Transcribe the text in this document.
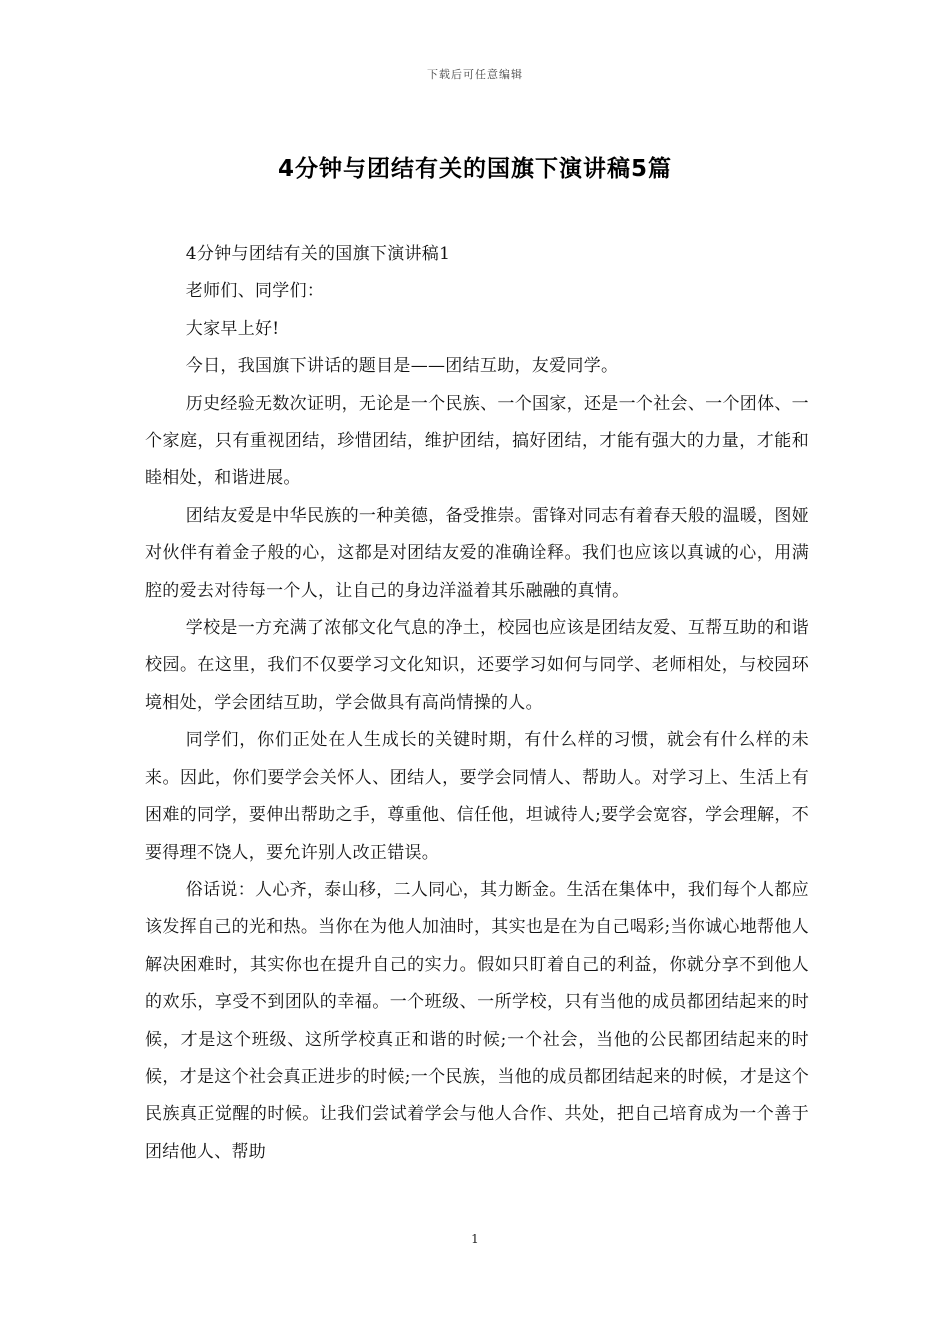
下载后可任意编辑
4分钟与团结有关的国旗下演讲稿5篇

4分钟与团结有关的国旗下演讲稿1

老师们、同学们：

大家早上好!

今日，我国旗下讲话的题目是——团结互助，友爱同学。

历史经验无数次证明，无论是一个民族、一个国家，还是一个社会、一个团体、一个家庭，只有重视团结，珍惜团结，维护团结，搞好团结，才能有强大的力量，才能和睦相处，和谐进展。

团结友爱是中华民族的一种美德，备受推崇。雷锋对同志有着春天般的温暖，图娅对伙伴有着金子般的心，这都是对团结友爱的准确诠释。我们也应该以真诚的心，用满腔的爱去对待每一个人，让自己的身边洋溢着其乐融融的真情。

学校是一方充满了浓郁文化气息的净土，校园也应该是团结友爱、互帮互助的和谐校园。在这里，我们不仅要学习文化知识，还要学习如何与同学、老师相处，与校园环境相处，学会团结互助，学会做具有高尚情操的人。

同学们，你们正处在人生成长的关键时期，有什么样的习惯，就会有什么样的未来。因此，你们要学会关怀人、团结人，要学会同情人、帮助人。对学习上、生活上有困难的同学，要伸出帮助之手，尊重他、信任他，坦诚待人;要学会宽容，学会理解，不要得理不饶人，要允许别人改正错误。

俗话说：人心齐，泰山移，二人同心，其力断金。生活在集体中，我们每个人都应该发挥自己的光和热。当你在为他人加油时，其实也是在为自己喝彩;当你诚心地帮他人解决困难时，其实你也在提升自己的实力。假如只盯着自己的利益，你就分享不到他人的欢乐，享受不到团队的幸福。一个班级、一所学校，只有当他的成员都团结起来的时候，才是这个班级、这所学校真正和谐的时候;一个社会，当他的公民都团结起来的时候，才是这个社会真正进步的时候;一个民族，当他的成员都团结起来的时候，才是这个民族真正觉醒的时候。让我们尝试着学会与他人合作、共处，把自己培育成为一个善于团结他人、帮助

1
